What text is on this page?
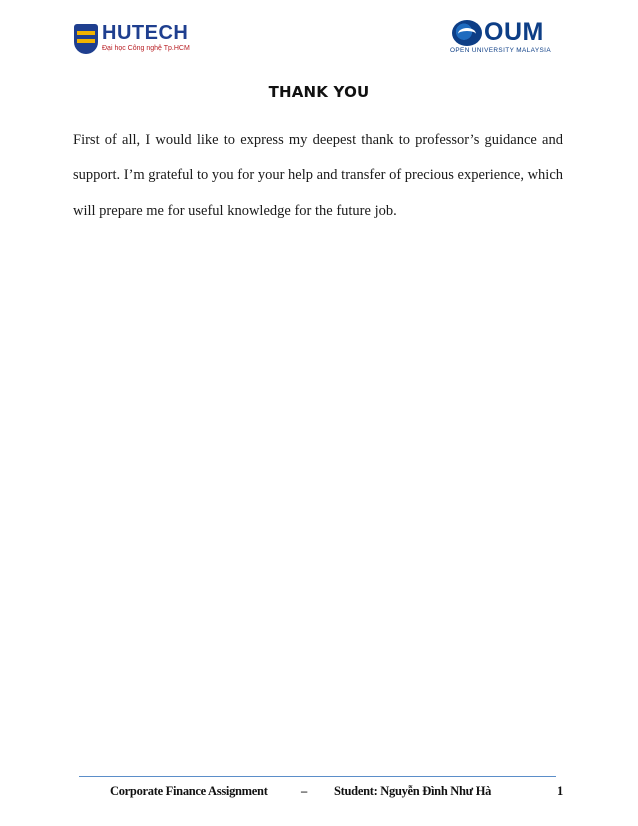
HUTECH
Đại học Công nghệ Tp.HCM
OUM
OPEN UNIVERSITY MALAYSIA
THANK YOU

First of all, I would like to express my deepest thank to professor’s guidance and support. I’m grateful to you for your help and transfer of precious experience, which will prepare me for useful knowledge for the future job.

Corporate Finance Assignment	– Student: Nguyễn Đình Như Hà	1
